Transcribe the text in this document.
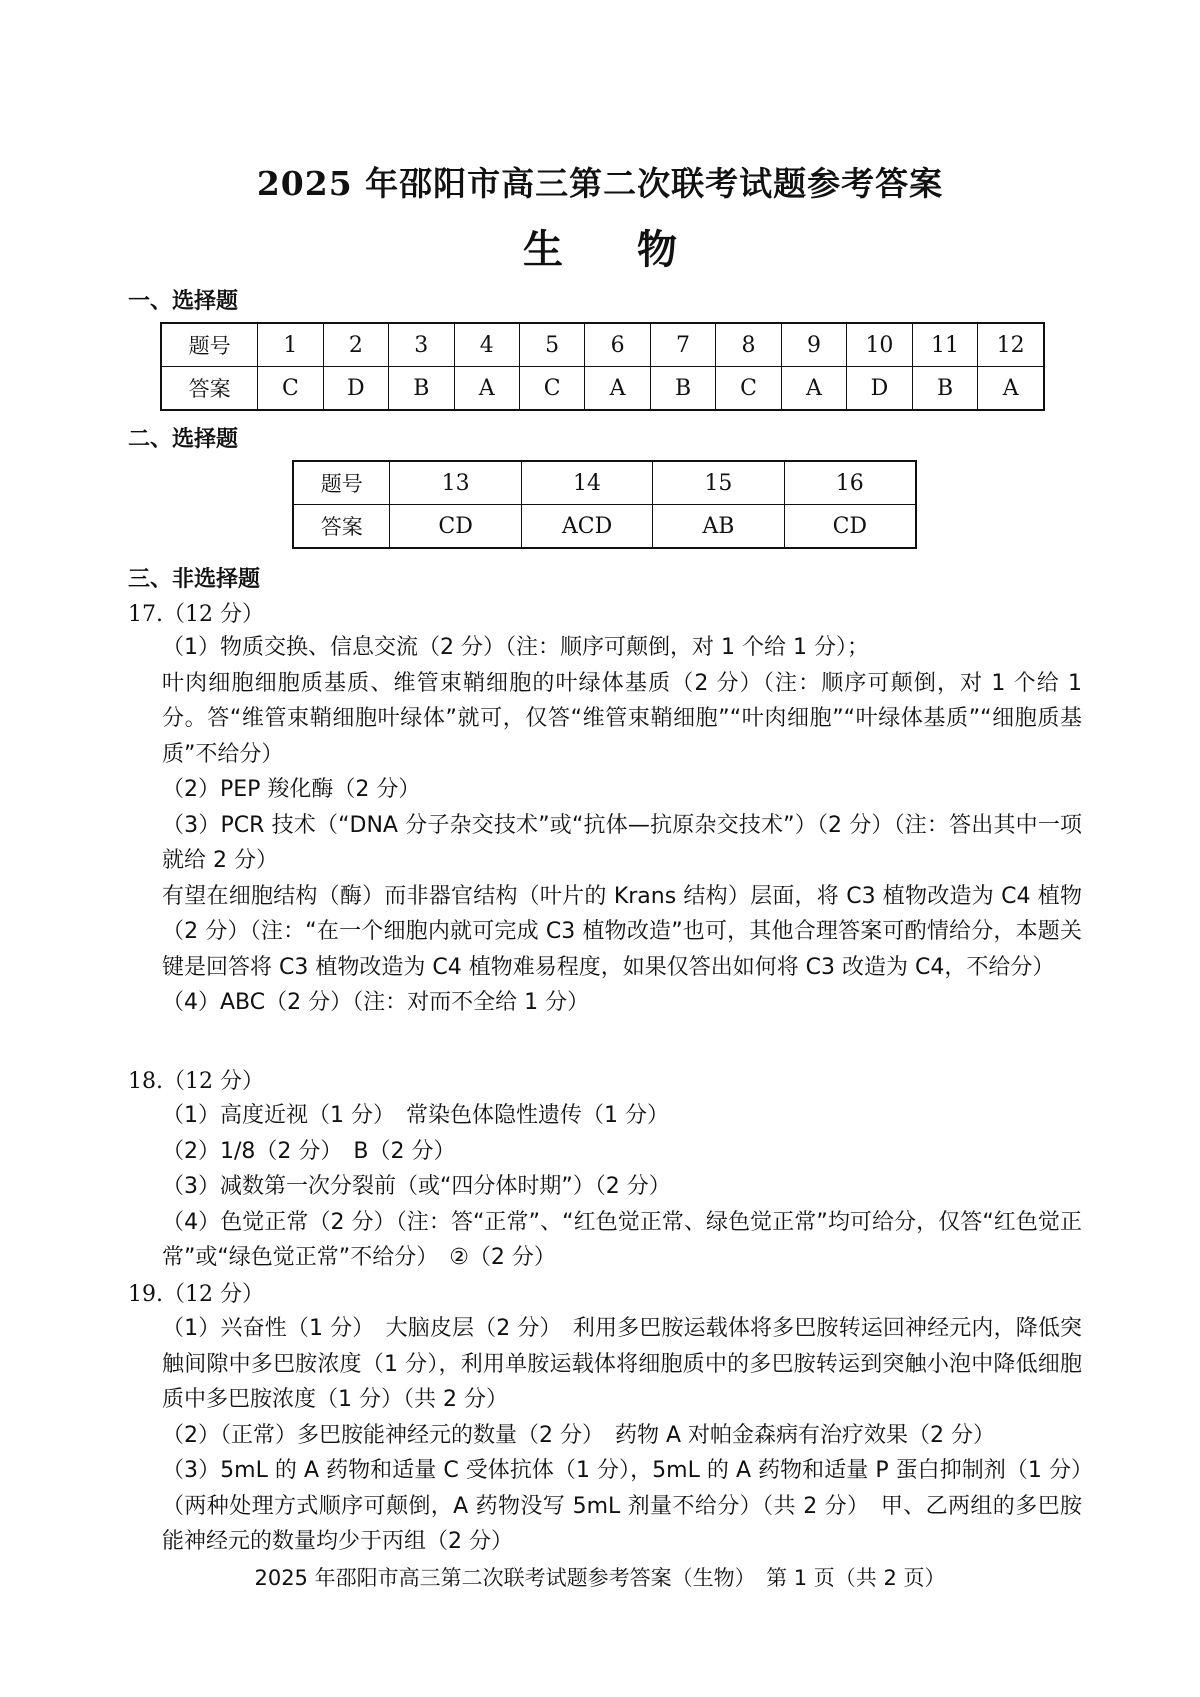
2025 年邵阳市高三第二次联考试题参考答案
生 物
一、选择题
题号	1	2	3	4	5	6	7	8	9	10	11	12
答案	C	D	B	A	C	A	B	C	A	D	B	A
二、选择题
题号	13	14	15	16
答案	CD	ACD	AB	CD
三、非选择题
17.（12 分）

（1）物质交换、信息交流（2 分）（注：顺序可颠倒，对 1 个给 1 分）；

叶肉细胞细胞质基质、维管束鞘细胞的叶绿体基质（2 分）（注：顺序可颠倒，对 1 个给 1 分。答“维管束鞘细胞叶绿体”就可，仅答“维管束鞘细胞”“叶肉细胞”“叶绿体基质”“细胞质基质”不给分）

（2）PEP 羧化酶（2 分）

（3）PCR 技术（“DNA 分子杂交技术”或“抗体—抗原杂交技术”）（2 分）（注：答出其中一项就给 2 分）

有望在细胞结构（酶）而非器官结构（叶片的 Krans 结构）层面，将 C3 植物改造为 C4 植物（2 分）（注：“在一个细胞内就可完成 C3 植物改造”也可，其他合理答案可酌情给分，本题关键是回答将 C3 植物改造为 C4 植物难易程度，如果仅答出如何将 C3 改造为 C4，不给分）

（4）ABC（2 分）（注：对而不全给 1 分）

18.（12 分）

（1）高度近视（1 分）　常染色体隐性遗传（1 分）

（2）1/8（2 分）　B（2 分）

（3）减数第一次分裂前（或“四分体时期”）（2 分）

（4）色觉正常（2 分）（注：答“正常”、“红色觉正常、绿色觉正常”均可给分，仅答“红色觉正常”或“绿色觉正常”不给分）　②（2 分）

19.（12 分）

（1）兴奋性（1 分）　大脑皮层（2 分）　利用多巴胺运载体将多巴胺转运回神经元内，降低突触间隙中多巴胺浓度（1 分），利用单胺运载体将细胞质中的多巴胺转运到突触小泡中降低细胞质中多巴胺浓度（1 分）（共 2 分）

（2）（正常）多巴胺能神经元的数量（2 分）　药物 A 对帕金森病有治疗效果（2 分）

（3）5mL 的 A 药物和适量 C 受体抗体（1 分），5mL 的 A 药物和适量 P 蛋白抑制剂（1 分）（两种处理方式顺序可颠倒，A 药物没写 5mL 剂量不给分）（共 2 分）　甲、乙两组的多巴胺能神经元的数量均少于丙组（2 分）

2025 年邵阳市高三第二次联考试题参考答案（生物）　第 1 页（共 2 页）
